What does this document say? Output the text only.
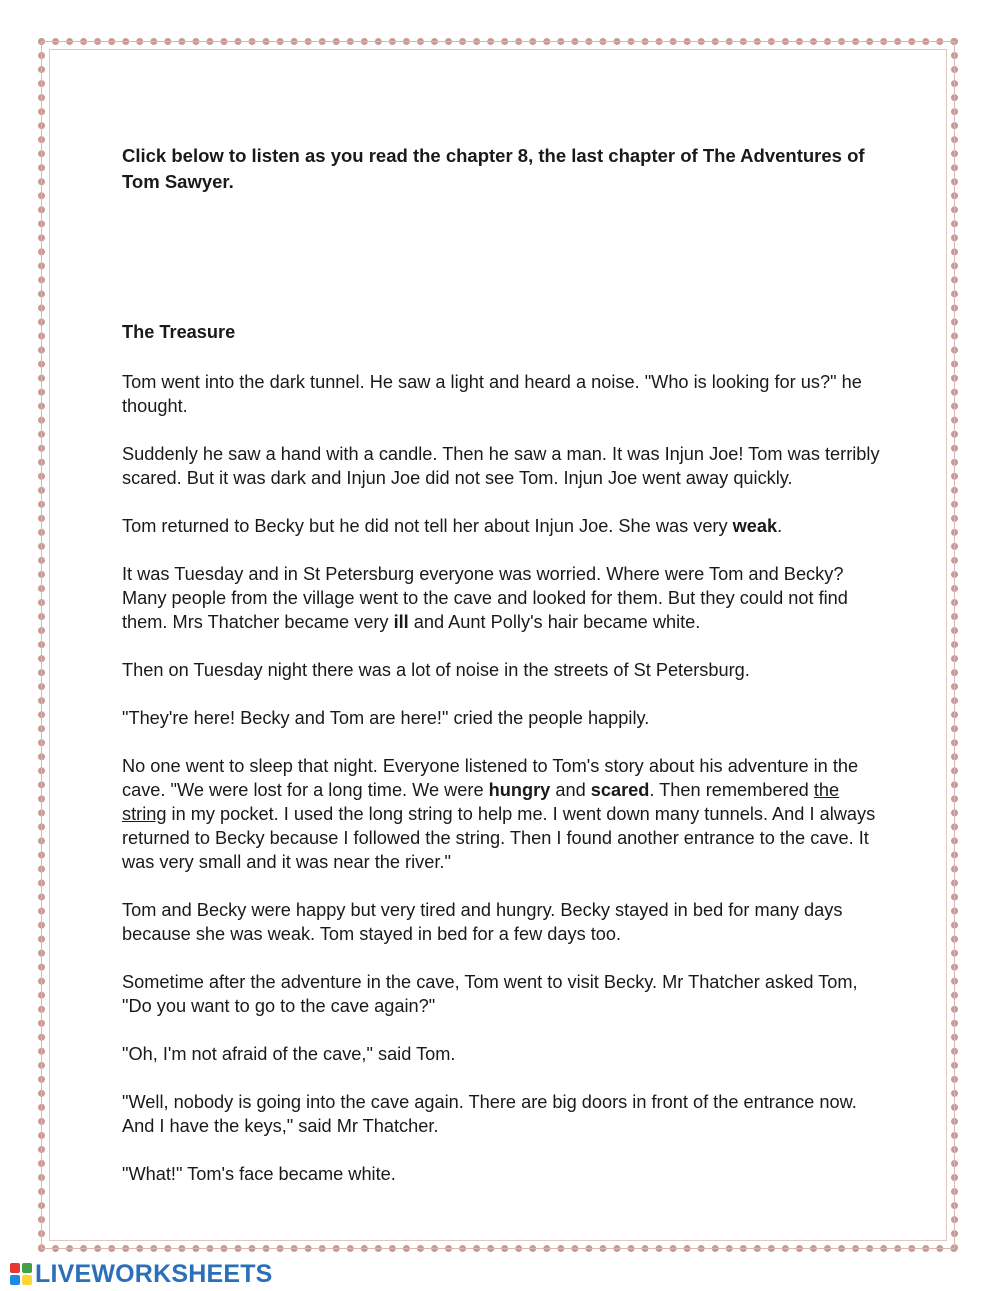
Click below to listen as you read the chapter 8, the last chapter of The Adventures of Tom Sawyer.

The Treasure

Tom went into the dark tunnel. He saw a light and heard a noise. "Who is looking for us?" he thought.

Suddenly he saw a hand with a candle. Then he saw a man. It was Injun Joe! Tom was terribly scared. But it was dark and Injun Joe did not see Tom. Injun Joe went away quickly.

Tom returned to Becky but he did not tell her about Injun Joe. She was very weak.

It was Tuesday and in St Petersburg everyone was worried. Where were Tom and Becky? Many people from the village went to the cave and looked for them. But they could not find them. Mrs Thatcher became very ill and Aunt Polly's hair became white.

Then on Tuesday night there was a lot of noise in the streets of St Petersburg.

"They're here! Becky and Tom are here!" cried the people happily.

No one went to sleep that night. Everyone listened to Tom's story about his adventure in the cave. "We were lost for a long time. We were hungry and scared. Then remembered the string in my pocket. I used the long string to help me. I went down many tunnels. And I always returned to Becky because I followed the string. Then I found another entrance to the cave. It was very small and it was near the river."

Tom and Becky were happy but very tired and hungry. Becky stayed in bed for many days because she was weak. Tom stayed in bed for a few days too.

Sometime after the adventure in the cave, Tom went to visit Becky. Mr Thatcher asked Tom, "Do you want to go to the cave again?"

"Oh, I'm not afraid of the cave," said Tom.

"Well, nobody is going into the cave again. There are big doors in front of the entrance now. And I have the keys," said Mr Thatcher.

"What!" Tom's face became white.

LIVEWORKSHEETS
